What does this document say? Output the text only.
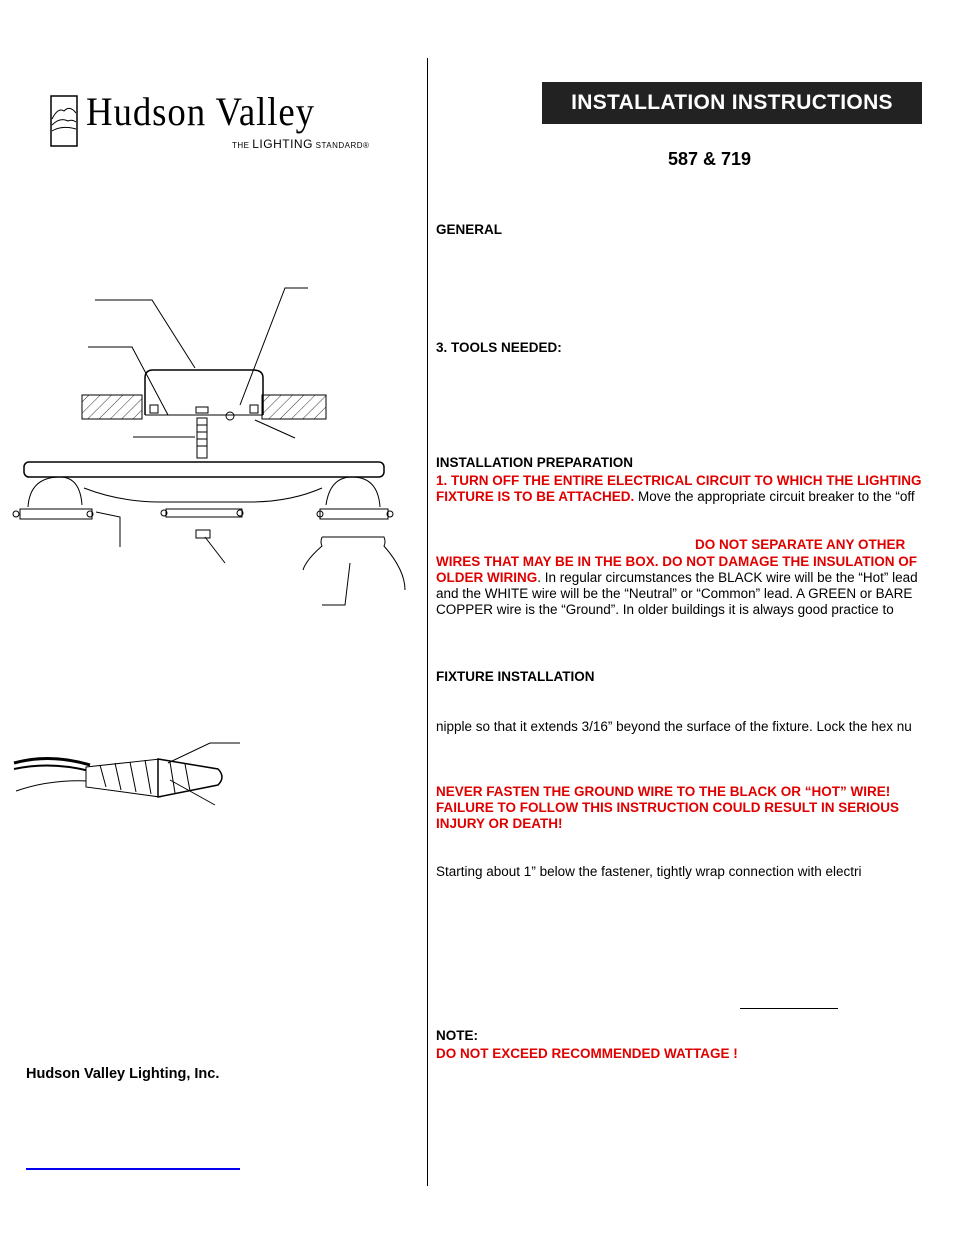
Hudson Valley
THE LIGHTING STANDARD®
INSTALLATION INSTRUCTIONS
587 & 719
GENERAL
3. TOOLS NEEDED:
INSTALLATION PREPARATION
1. TURN OFF THE ENTIRE ELECTRICAL CIRCUIT TO WHICH THE LIGHTING
FIXTURE IS TO BE ATTACHED. Move the appropriate circuit breaker to the “off
DO NOT SEPARATE ANY OTHER
WIRES THAT MAY BE IN THE BOX. DO NOT DAMAGE THE INSULATION OF
OLDER WIRING. In regular circumstances the BLACK wire will be the “Hot” lead
and the WHITE wire will be the “Neutral” or “Common” lead. A GREEN or BARE
COPPER wire is the “Ground”. In older buildings it is always good practice to
FIXTURE INSTALLATION
nipple so that it extends 3/16” beyond the surface of the fixture. Lock the hex nu
NEVER FASTEN THE GROUND WIRE TO THE BLACK OR “HOT” WIRE!
FAILURE TO FOLLOW THIS INSTRUCTION COULD RESULT IN SERIOUS
INJURY OR DEATH!
Starting about 1” below the fastener, tightly wrap connection with electri
NOTE:
DO NOT EXCEED RECOMMENDED WATTAGE !
Hudson Valley Lighting, Inc.
